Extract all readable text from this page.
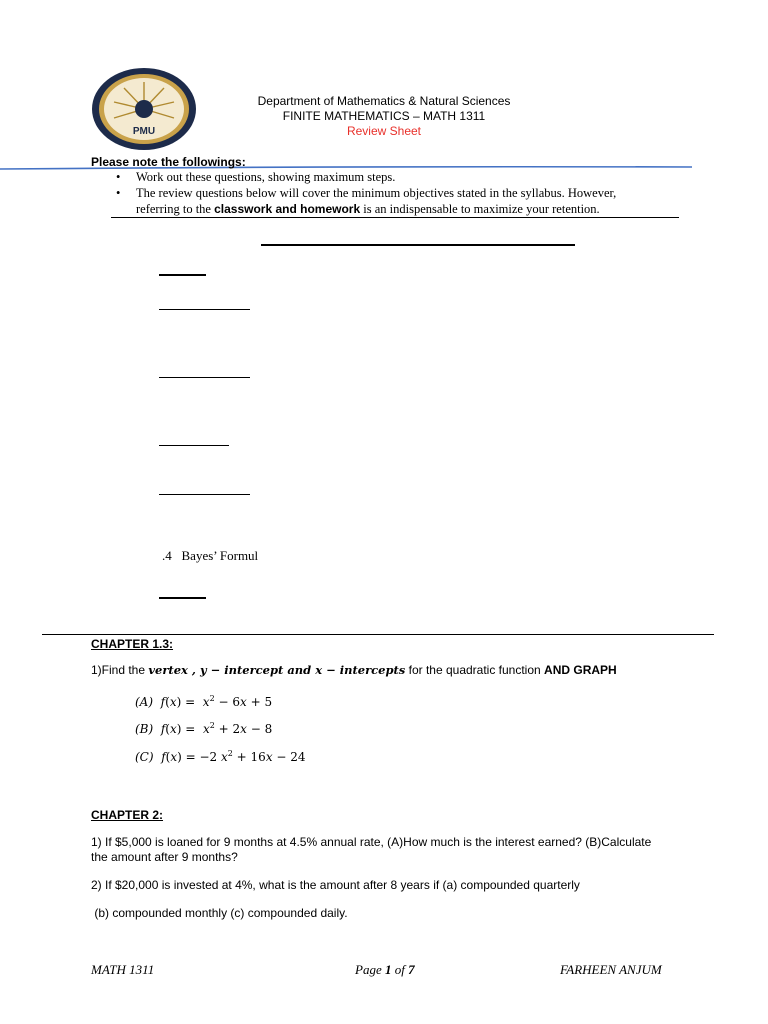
PMU
Department of Mathematics & Natural Sciences
FINITE MATHEMATICS – MATH 1311
Review Sheet
Please note the followings:
• Work out these questions, showing maximum steps.
• The review questions below will cover the minimum objectives stated in the syllabus. However,
referring to the classwork and homework is an indispensable to maximize your retention.
.4   Bayes’ Formul
CHAPTER 1.3:
1)Find the vertex , y − intercept and x − intercepts for the quadratic function AND GRAPH
(A) $f(x) = x^2 - 6x + 5$
(B) $f(x) = x^2 + 2x - 8$
(C) f(x) = −2 $x^2 + 16x - 24$
CHAPTER 2:
1) If $5,000 is loaned for 9 months at 4.5% annual rate, (A)How much is the interest earned? (B)Calculate
the amount after 9 months?
2) If $20,000 is invested at 4%, what is the amount after 8 years if (a) compounded quarterly
(b) compounded monthly (c) compounded daily.
MATH 1311	Page 1 of 7	FARHEEN ANJUM
